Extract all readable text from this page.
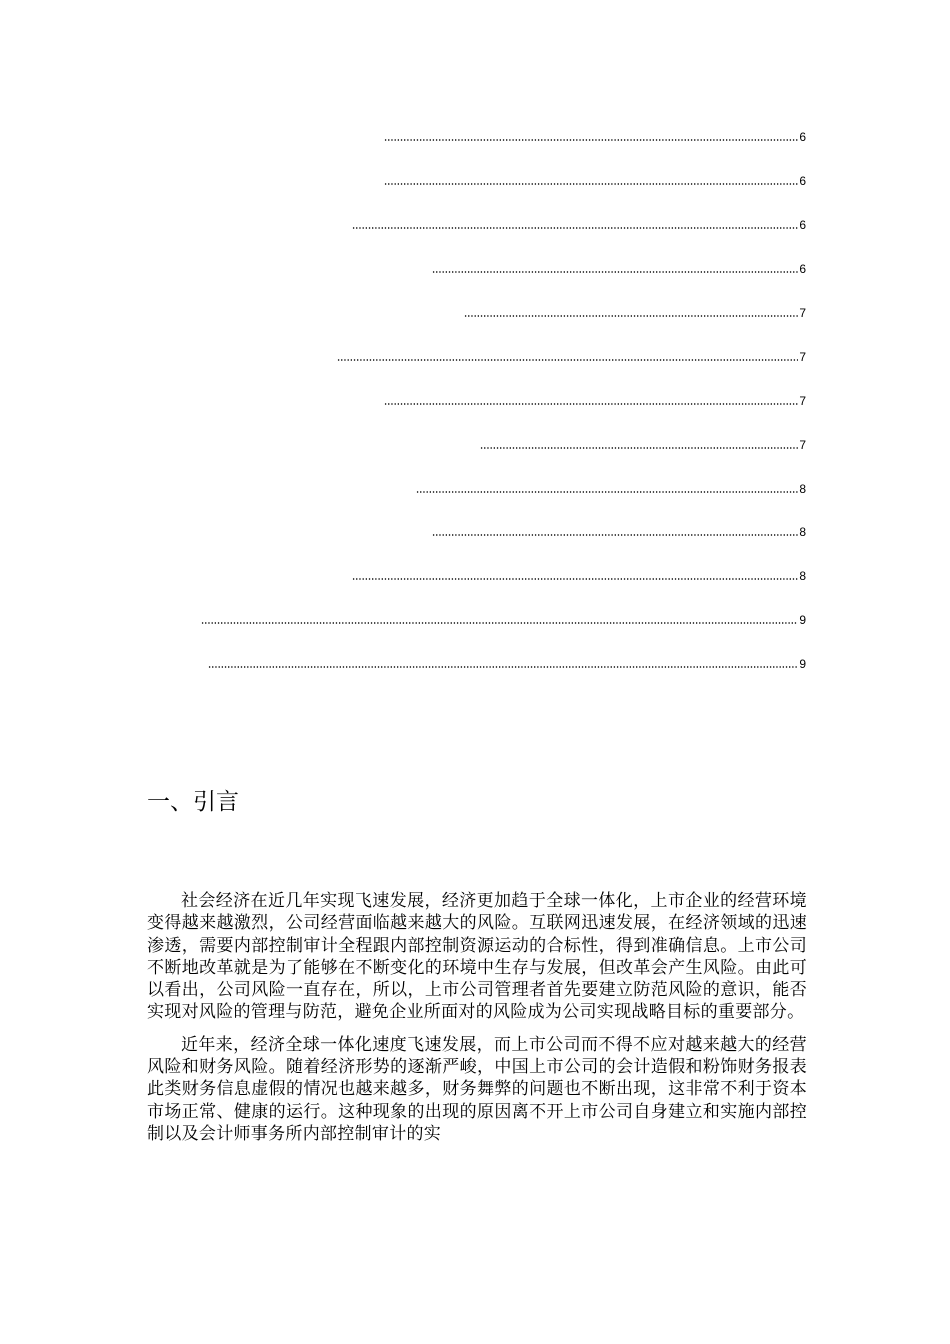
6
6
6
6
7
7
7
7
8
8
8
9
9
一、引言

社会经济在近几年实现飞速发展，经济更加趋于全球一体化，上市企业的经营环境变得越来越激烈，公司经营面临越来越大的风险。互联网迅速发展，在经济领域的迅速渗透，需要内部控制审计全程跟内部控制资源运动的合标性，得到准确信息。上市公司不断地改革就是为了能够在不断变化的环境中生存与发展，但改革会产生风险。由此可以看出，公司风险一直存在，所以，上市公司管理者首先要建立防范风险的意识，能否实现对风险的管理与防范，避免企业所面对的风险成为公司实现战略目标的重要部分。

近年来，经济全球一体化速度飞速发展，而上市公司而不得不应对越来越大的经营风险和财务风险。随着经济形势的逐渐严峻，中国上市公司的会计造假和粉饰财务报表此类财务信息虚假的情况也越来越多，财务舞弊的问题也不断出现，这非常不利于资本市场正常、健康的运行。这种现象的出现的原因离不开上市公司自身建立和实施内部控制以及会计师事务所内部控制审计的实
